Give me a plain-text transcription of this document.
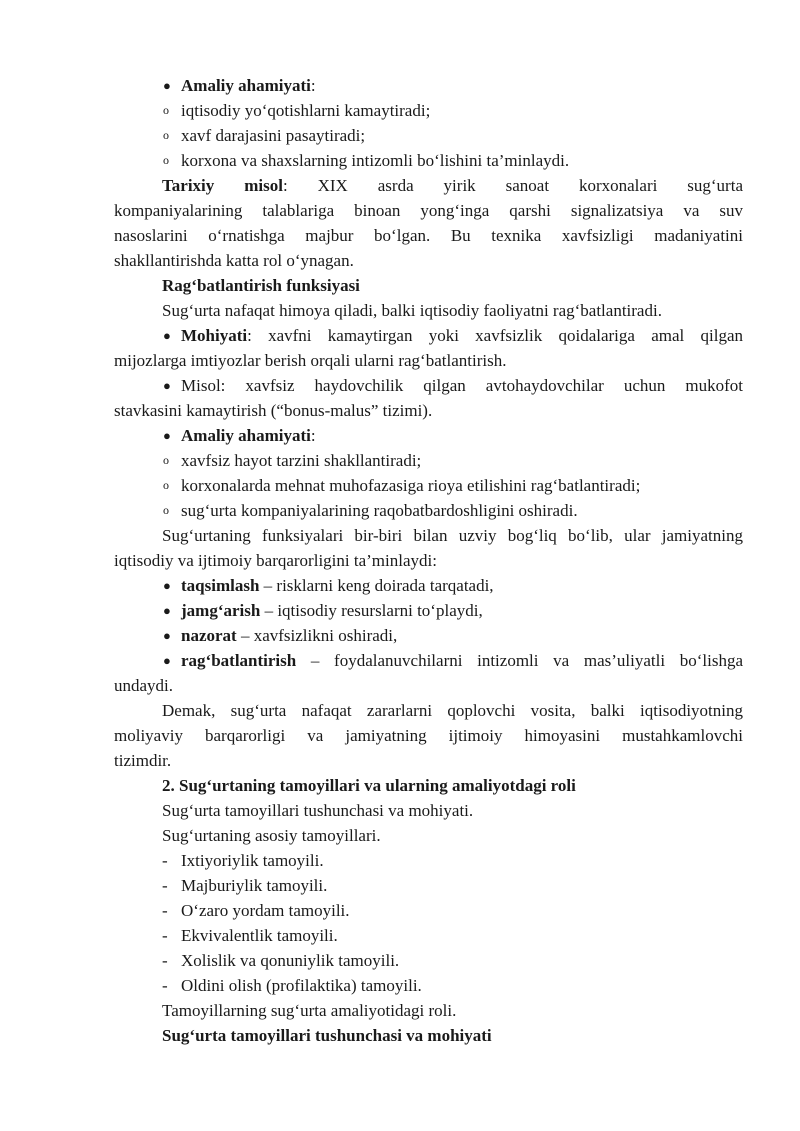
● Amaliy ahamiyati:
o iqtisodiy yo‘qotishlarni kamaytiradi;
o xavf darajasini pasaytiradi;
o korxona va shaxslarning intizomli bo‘lishini ta’minlaydi.
Tarixiy misol: XIX asrda yirik sanoat korxonalari sug‘urta
kompaniyalarining talablariga binoan yong‘inga qarshi signalizatsiya va suv
nasoslarini o‘rnatishga majbur bo‘lgan. Bu texnika xavfsizligi madaniyatini
shakllantirishda katta rol o‘ynagan.
Rag‘batlantirish funksiyasi
Sug‘urta nafaqat himoya qiladi, balki iqtisodiy faoliyatni rag‘batlantiradi.
● Mohiyati: xavfni kamaytirgan yoki xavfsizlik qoidalariga amal qilgan
mijozlarga imtiyozlar berish orqali ularni rag‘batlantirish.
● Misol: xavfsiz haydovchilik qilgan avtohaydovchilar uchun mukofot
stavkasini kamaytirish (“bonus-malus” tizimi).
● Amaliy ahamiyati:
o xavfsiz hayot tarzini shakllantiradi;
o korxonalarda mehnat muhofazasiga rioya etilishini rag‘batlantiradi;
o sug‘urta kompaniyalarining raqobatbardoshligini oshiradi.
Sug‘urtaning funksiyalari bir-biri bilan uzviy bog‘liq bo‘lib, ular jamiyatning
iqtisodiy va ijtimoiy barqarorligini ta’minlaydi:
● taqsimlash – risklarni keng doirada tarqatadi,
● jamg‘arish – iqtisodiy resurslarni to‘playdi,
● nazorat – xavfsizlikni oshiradi,
● rag‘batlantirish – foydalanuvchilarni intizomli va mas’uliyatli bo‘lishga
undaydi.
Demak, sug‘urta nafaqat zararlarni qoplovchi vosita, balki iqtisodiyotning
moliyaviy barqarorligi va jamiyatning ijtimoiy himoyasini mustahkamlovchi
tizimdir.
2. Sug‘urtaning tamoyillari va ularning amaliyotdagi roli
Sug‘urta tamoyillari tushunchasi va mohiyati.
Sug‘urtaning asosiy tamoyillari.
- Ixtiyoriylik tamoyili.
- Majburiylik tamoyili.
- O‘zaro yordam tamoyili.
- Ekvivalentlik tamoyili.
- Xolislik va qonuniylik tamoyili.
- Oldini olish (profilaktika) tamoyili.
Tamoyillarning sug‘urta amaliyotidagi roli.
Sug‘urta tamoyillari tushunchasi va mohiyati
